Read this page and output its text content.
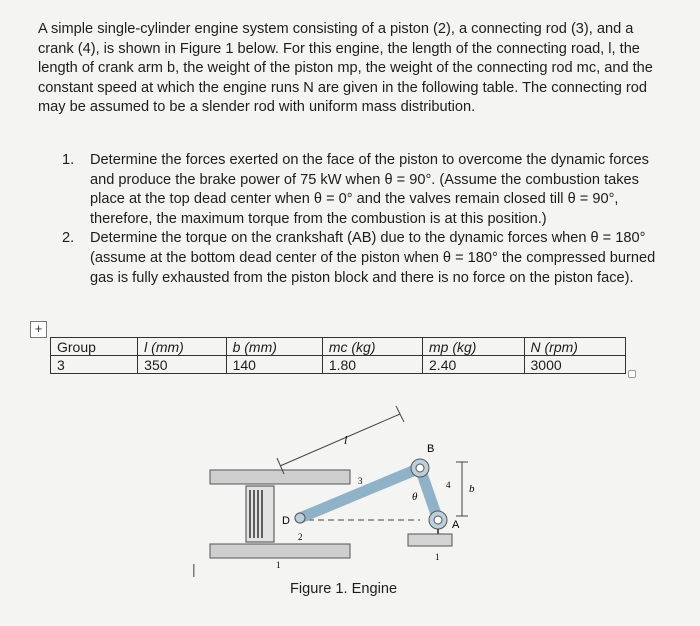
A simple single-cylinder engine system consisting of a piston (2), a connecting rod (3), and a crank (4), is shown in Figure 1 below. For this engine, the length of the connecting road, l, the length of crank arm b, the weight of the piston mp, the weight of the connecting rod mc, and the constant speed at which the engine runs N are given in the following table. The connecting rod may be assumed to be a slender rod with uniform mass distribution.

1.	Determine the forces exerted on the face of the piston to overcome the dynamic forces and produce the brake power of 75 kW when θ = 90°. (Assume the combustion takes place at the top dead center when θ = 0° and the valves remain closed till θ = 90°, therefore, the maximum torque from the combustion is at this position.)
2.	Determine the torque on the crankshaft (AB) due to the dynamic forces when θ = 180° (assume at the bottom dead center of the piston when θ = 180° the compressed burned gas is fully exhausted from the piston block and there is no force on the piston face).
+
Group	l (mm)	b (mm)	mc (kg)	mp (kg)	N (rpm)
3	350	140	1.80	2.40	3000
l
b
B
A
D
θ
1
1
2
3	4
|
Figure 1. Engine
